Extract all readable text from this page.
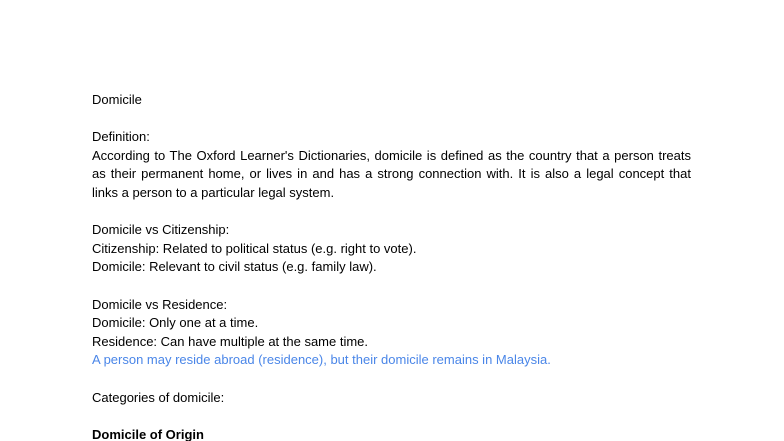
Domicile

Definition:

According to The Oxford Learner's Dictionaries, domicile is defined as the country that a person treats as their permanent home, or lives in and has a strong connection with. It is also a legal concept that links a person to a particular legal system.

Domicile vs Citizenship:

Citizenship: Related to political status (e.g. right to vote).

Domicile: Relevant to civil status (e.g. family law).

Domicile vs Residence:

Domicile: Only one at a time.

Residence: Can have multiple at the same time.

A person may reside abroad (residence), but their domicile remains in Malaysia.

Categories of domicile:

Domicile of Origin
